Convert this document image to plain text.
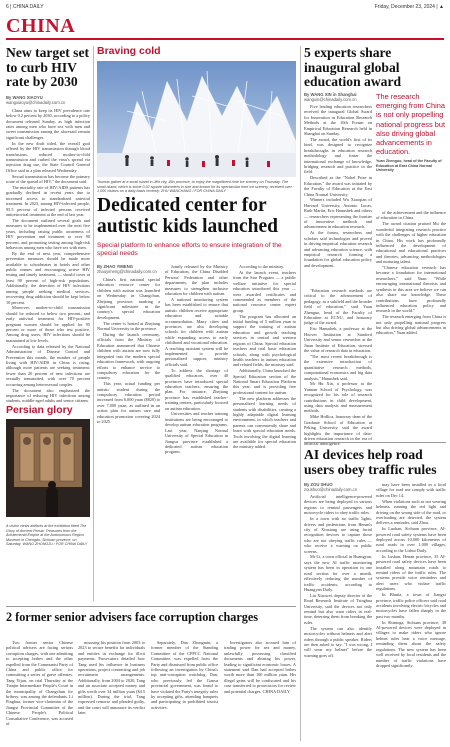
6 | CHINA DAILY	Friday, December 23, 2024 | ▲
CHINA
New target set to curb HIV rate by 2030
By WANG XIAOYU
wangxiaoyu@chinadaily.com.cn

China aims to keep its HIV prevalence rate below 0.2 percent by 2030, according to a policy document released Sunday, as high infection rates among men who have sex with men and sweet transmission among the aforesaid remain significant challenges.

In the new draft titled, the overall goal offered by the HIV transmission through blood transfusions, reduced mother-to-child transmission and curbed the virus's spread via injection drug use, the State Council General Office said in a plan released Wednesday.

Sexual transmission has become the primary route of the spread of HIV," the document said.

The mortality rate of HIV/AIDS patients has gradually declined in recent years due to increased access to standardized antiviral treatment. In 2023, among HIV-infected people, 95.5 percent of infected persons received antiretroviral treatment at the end of last year.

The document outlined several goals and measures to be implemented over the next five years, including raising public awareness of HIV prevention and treatment to over 90 percent, and promoting testing among high-risk behaviors among men who have sex with men.

By the end of next year, comprehensive prevention measures should be made more available to schoolmates in hotels and other public venues and encouraging active HIV testing and timely treatment, — should cover at least 90 percent of high-risk populations. Additionally, the detection of HIV infections among people seeking medical services, recovering drug addiction should be kept below 10 percent.

Moreover, mother-to-child transmission should be reduced to below two percent, and early antiviral treatment for HIV-positive pregnant women should be applied for 95 percent or more of those who test positive. Among drug users, HIV infections should be maintained at low levels.

According to data released by the National Administration of Disease Control and Prevention this month, the number of people living with HIV/AIDS in China is rising, although more patients are seeking treatment; fewer than 20 percent of new infections are sexually transmitted, with over 70 percent occurring among heterosexual couples.

The document also emphasized the importance of reducing HIV infections among students, middle-aged adults and senior citizens.

Braving cold
Tourists gather at a small island in Jilin city, Jilin province, to enjoy the magnificent rime ice scenery on Thursday. The small island, which is some 0.02 square kilometers in size and known for its spectacular rime ice scenery, received over 1,000 visitors on a daily basis recently. ZHU WANCHANG / FOR CHINA DAILY
Dedicated center for autistic kids launched
Special platform to enhance efforts to ensure integration of the special needs
By ZHAO YIMENG
zhaoyimeng@chinadaily.com.cn

China's first national special education resource center for children with autism was launched on Wednesday in Changchun, Zhejiang province, marking a significant milestone in the country's special education development.

The center is hosted at Zhejiang Normal University in the province.

During the launch ceremony, officials from the Ministry of Education announced that Chinese children with autism are now fully integrated into the modern special education framework, with ongoing efforts to enhance service to compulsory education for the country.

This year, actual funding per autistic student during the compulsory education period increased from 6,000 yuan ($820) to over 7,000 yuan, as outlined in an action plan for autism care and education promotion covering 2024 to 2025.

Jointly released by the Ministry of Education, the China Disabled Persons' Federation and other departments, the plan includes measures to strengthen inclusive education for children with autism.

A national monitoring system has been established to ensure that autistic children receive appropriate education and suitable accommodation. Many cities and provinces are also developing schools for children with autism while expanding access to early childhood and vocational education. A teaching assistant system will be implemented to provide personalized support, ministry officials said.

To address the shortage of qualified educators, over 40 provinces have introduced special education teachers, ensuring the plan. For instance, Zhejiang province has established teacher-training centers, particularly focused on autism education.

Universities and teacher training institutions are being encouraged to develop autism education programs. Last year, Nanjing Normal University of Special Education in Jiangsu province established a dedicated autism education program.

According to the ministry.

At the launch event, teachers from the Star Program — a public welfare initiative for special education introduced this year — were awarded certificates and commended as members of the national resource center expert group.

The program has allocated an initial funding of 5 million yuan to support the training of autism education and growth teaching services in central and western regions of China. Special education teachers and trial basic education schools, along with psychological health teachers in autism education and related fields, the ministry said.

Additionally, China launched the Special Education section of the National Smart Education Platform this year, and is providing free professional content for autism.

The new platform addresses the personalized learning needs of students with disabilities, creating a highly adaptable digital learning environment, in which teachers and parents can conveniently share and learn with special education needs. Tools involving the digital learning are available for special education the ministry added.

Persian glory
A visitor views artifacts at the exhibition titled The Glory of Ancient Persia: Treasures from the Achaemenid Empire at the Autonomous Region Museum in Chengdu, Sichuan province, on Saturday. WANG ZHONGJU / FOR CHINA DAILY
2 former senior advisers face corruption charges
Two former senior Chinese political advisers are facing serious corruption charges, with one admitting to accepting bribes and the other expelled from the Communist Party of China and public office for committing a series of grave offenses. Tang Yijun, on trial Thursday at the Tianjin Intermediate People's Court in the municipality of Changchun for bribery, was among the defendants. Li Pinghua, former vice-chairman of the Jiangxi Provincial Committee of the Chinese People's Political Consultative Conference, was accused of
misusing his position from 2003 to 2023 to secure benefits for individuals and entities in exchange for illicit payments. Prosecutors detailed how Tang used his influence in business operations, project contracting and job recruitment arrangements. Additionally, from 2004 to 2020, Tang and an associate accepted money and gifts worth over 34 million yuan ($4.5 million). During the trial, Tang expressed remorse and pleaded guilty, and the court will announce its verdict later.
Separately, Dan Zhongmin, a former member of the Standing Committee of the CPPCC National Committee, was expelled from the Party and dismissed from public office following an investigation by China's top anti-corruption watchdog. Dan, who previously led the Gansu provincial government, was found to have violated the Party's integrity rules by accepting gifts, attending banquets and participating in prohibited tourist activities.
Investigators also accused him of trading power for sex and money, unlawfully possessing classified documents and abusing his power, leading to significant economic losses. A statement said Dan had accepted bribes worth more than 100 million yuan. His illegal gains will be confiscated and his case transferred to prosecutors for review and potential charges. CHINA DAILY
5 experts share inaugural global education award
By WANG XIN in Shanghai
wangxin@chinadaily.com.cn

Five leading education researchers received the inaugural Global Award for Innovation in Education Research Methods at the 10th Forum on Empirical Education Research held in Shanghai on Sunday.

The award, the world's first of its kind, was designed to recognize breakthroughs in education research methodology and foster the international exchange of knowledge, bridging research and practice in the field.

Described as the "Nobel Prize in Education," the award was initiated by the Faculty of Education at the East China Normal University.

Winners included Wu Xiaoqian of Harvard University, Antonio Lucas, Ruth Martin, Eric Hanushek and others — researchers representing the frontier of innovative methods and advancement in education research.

At the forum, researchers and scholars said technologies and proved in driving empirical education research and advancing education science, with empirical research forming a foundation for global education policy and development.

The research emerging from China is not only propelling national progress but also driving global advancements in education.
Yuan Zhenguo, head of the Faculty of Education at East China Normal University

of the achievement and the influence of education in China.

The award citation praised Mu the wonderful integrating research practice with the challenges of higher education in China. His work has profoundly influenced the development of educational and educational practices and theories, advancing methodologies and nurturing talent.

"Chinese education research has become a foundation for international researchers," said Yuan. "While encouraging international theorists and synthesis in this area we believe we can also share our knowledge. These contributions have profoundly influenced education policy and research in the world."

The research emerging from China is not only propelling national progress but also driving global advancements in education," Yuan added.

"Education research methods are critical to the advancement of pedagogy, as a subfield and the broader field of education," said Yuan Zhenguo, head of the Faculty of Education at ECNU, and honorary judge of the award.

Eric Hanushek, a professor at the Hoover Institution at Stanford University and senior researcher at the Jinan Institute of Education, stressed the value of research data in education.

"The most recent breakthrough is the extensive introduction of quantitative research methods, computational economics and big data analysis," Hanushek said.

Mr Hu Xin, a professor at the Yunnan School of Psychology, was recognized for his role of research contributions in child development, using data analysis and measurement methods.

Mike Hrdlica, honorary dean of the Graduate School of Education at Peking University, said the award highlights the importance of data-driven education research in the era of artificial intelligence.

AI devices help road users obey traffic rules
By ZOU SHUO
zoushuo@chinadaily.com.cn

Artificial intelligence-powered devices are being deployed in various regions to remind passengers and motorcycle riders to obey traffic rules.

In a town with no traffic lights, drivers and pedestrians from Henan's city of Xinxiang are using facial recognition devices to capture those who are not obeying traffic rules — who receive a warning on public screens.

Mr Li, a town official in Huangyan, says the new AI traffic monitoring system has been in operation in one rural section for over a month, effectively reducing the number of traffic accidents, according to Huangyan Daily.

Liu Xiaowei, deputy director of the Road Research Institute of Tsinghua University, said the devices not only remind but also warn riders in real-time, deterring them from breaking the rules.

The system can also identify motorcycles without helmets and alert riders through a public speaker. Riders are then asked to say: "I was wrong, I will wear my helmet" before the warning goes off.

may have been installed in a local village for road use comply with traffic rules on Dec 14.

When violations such as not wearing helmets, running the red light and driving on the wrong side of the road, or overloading are detected, the system delivers a reminder, said Zhou.

In Luohan, Sichuan province, AI-powered road safety systems have been deployed across 10,000 kilometers of rural roads in over 1,000 villages, according to the Lishui Daily.

In Lushan, Henan province, 35 AI-powered road safety devices have been installed along mountain roads to remind riders of the traffic rules. The systems provide voice reminders and alert users who violate traffic regulations.

In Bhutia, a town of Jiangxi province, traffic police officers said road accidents involving electric bicycles and motorcycles have fallen sharply in the past two months.

In Shimoga, Sichuan province, 38 AI-powered devices were deployed in villages to make riders who ignore helmet rules hear a voice message, reminding them about the safety regulations. The new system has been well received by local residents and the number of traffic violations have dropped significantly.
